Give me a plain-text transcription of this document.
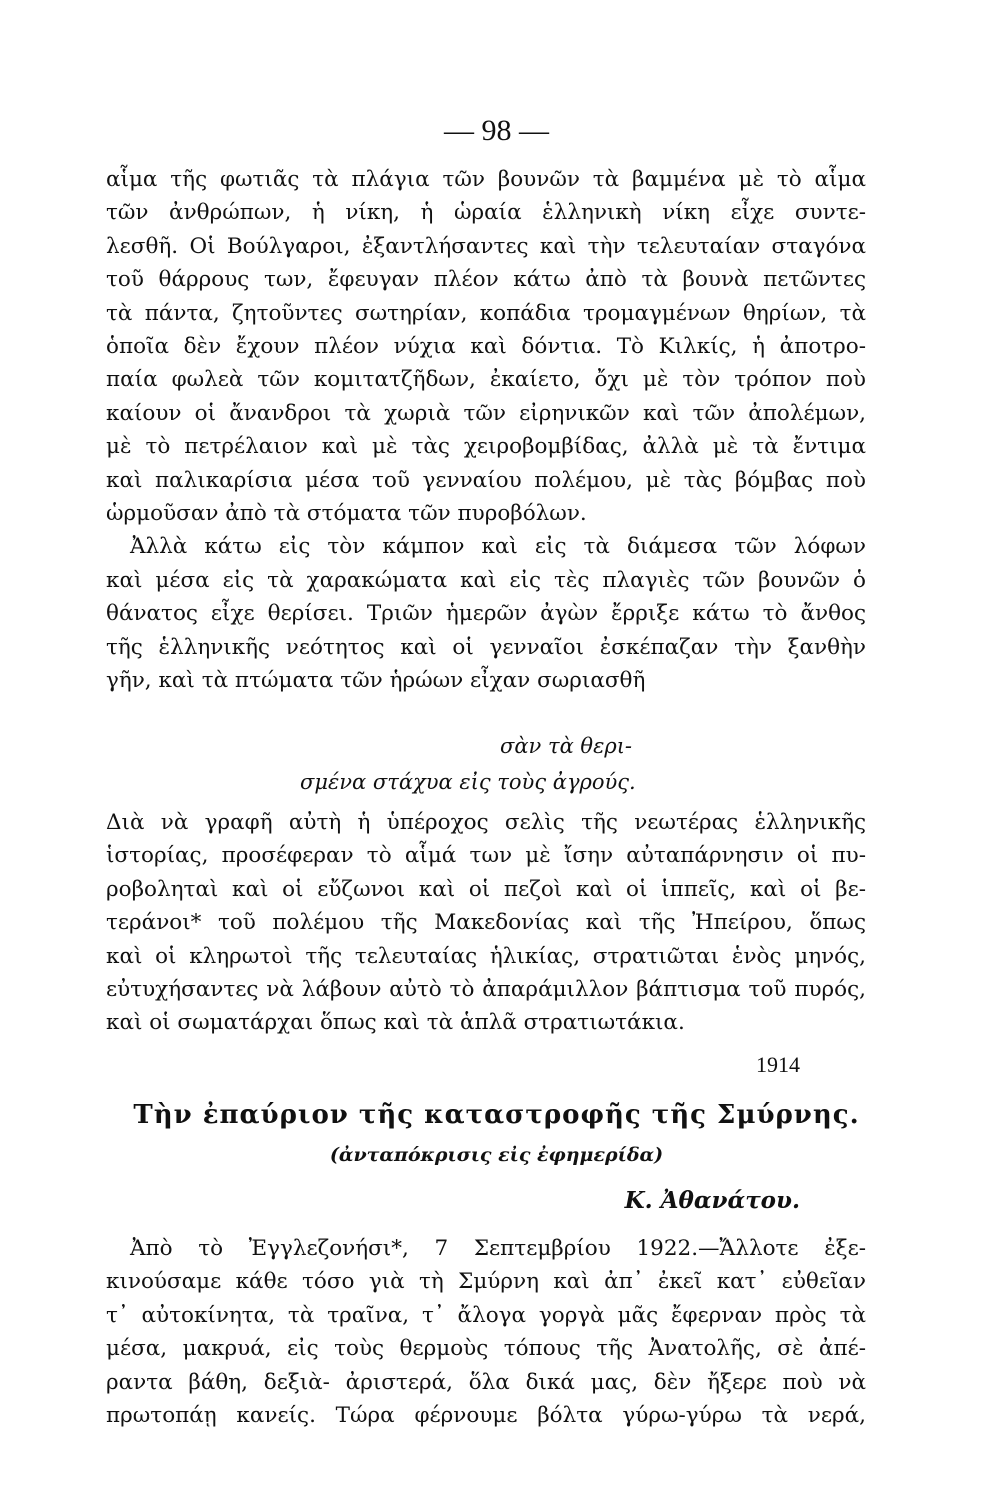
— 98 —

αἷμα τῆς φωτιᾶς τὰ πλάγια τῶν βουνῶν τὰ βαμμένα μὲ τὸ αἷμα
τῶν ἀνθρώπων, ἡ νίκη, ἡ ὡραία ἑλληνικὴ νίκη εἶχε συντε-
λεσθῆ. Οἱ Βούλγαροι, ἐξαντλήσαντες καὶ τὴν τελευταίαν σταγόνα
τοῦ θάρρους των, ἔφευγαν πλέον κάτω ἀπὸ τὰ βουνὰ πετῶντες
τὰ πάντα, ζητοῦντες σωτηρίαν, κοπάδια τρομαγμένων θηρίων, τὰ
ὁποῖα δὲν ἔχουν πλέον νύχια καὶ δόντια. Τὸ Κιλκίς, ἡ ἀποτρο-
παία φωλεὰ τῶν κομιτατζῆδων, ἐκαίετο, ὄχι μὲ τὸν τρόπον ποὺ
καίουν οἱ ἄνανδροι τὰ χωριὰ τῶν εἰρηνικῶν καὶ τῶν ἀπολέμων,
μὲ τὸ πετρέλαιον καὶ μὲ τὰς χειροβομβίδας, ἀλλὰ μὲ τὰ ἔντιμα
καὶ παλικαρίσια μέσα τοῦ γενναίου πολέμου, μὲ τὰς βόμβας ποὺ
ὡρμοῦσαν ἀπὸ τὰ στόματα τῶν πυροβόλων.

Ἀλλὰ κάτω εἰς τὸν κάμπον καὶ εἰς τὰ διάμεσα τῶν λόφων
καὶ μέσα εἰς τὰ χαρακώματα καὶ εἰς τὲς πλαγιὲς τῶν βουνῶν ὁ
θάνατος εἶχε θερίσει. Τριῶν ἡμερῶν ἀγὼν ἔρριξε κάτω τὸ ἄνθος
τῆς ἑλληνικῆς νεότητος καὶ οἱ γενναῖοι ἐσκέπαζαν τὴν ξανθὴν
γῆν, καὶ τὰ πτώματα τῶν ἡρώων εἶχαν σωριασθῆ

σὰν τὰ θερι-
σμένα στάχυα εἰς τοὺς ἀγρούς.

Διὰ νὰ γραφῆ αὐτὴ ἡ ὑπέροχος σελὶς τῆς νεωτέρας ἑλληνικῆς
ἱστορίας, προσέφεραν τὸ αἷμά των μὲ ἴσην αὐταπάρνησιν οἱ πυ-
ροβοληταὶ καὶ οἱ εὔζωνοι καὶ οἱ πεζοὶ καὶ οἱ ἱππεῖς, καὶ οἱ βε-
τεράνοι* τοῦ πολέμου τῆς Μακεδονίας καὶ τῆς Ἠπείρου, ὅπως
καὶ οἱ κληρωτοὶ τῆς τελευταίας ἡλικίας, στρατιῶται ἑνὸς μηνός,
εὐτυχήσαντες νὰ λάβουν αὐτὸ τὸ ἀπαράμιλλον βάπτισμα τοῦ πυρός,
καὶ οἱ σωματάρχαι ὅπως καὶ τὰ ἁπλᾶ στρατιωτάκια.

1914
Τὴν ἐπαύριον τῆς καταστροφῆς τῆς Σμύρνης.
(ἀνταπόκρισις εἰς ἐφημερίδα)
Κ. Ἀθανάτου.

Ἀπὸ τὸ Ἐγγλεζονήσι*, 7 Σεπτεμβρίου 1922.—Ἄλλοτε ἐξε-
κινούσαμε κάθε τόσο γιὰ τὴ Σμύρνη καὶ ἀπ᾿ ἐκεῖ κατ᾿ εὐθεῖαν
τ᾿ αὐτοκίνητα, τὰ τραῖνα, τ᾿ ἄλογα γοργὰ μᾶς ἔφερναν πρὸς τὰ
μέσα, μακρυά, εἰς τοὺς θερμοὺς τόπους τῆς Ἀνατολῆς, σὲ ἀπέ-
ραντα βάθη, δεξιὰ- ἀριστερά, ὅλα δικά μας, δὲν ἤξερε ποὺ νὰ
πρωτοπάῃ κανείς. Τώρα φέρνουμε βόλτα γύρω-γύρω τὰ νερά,
